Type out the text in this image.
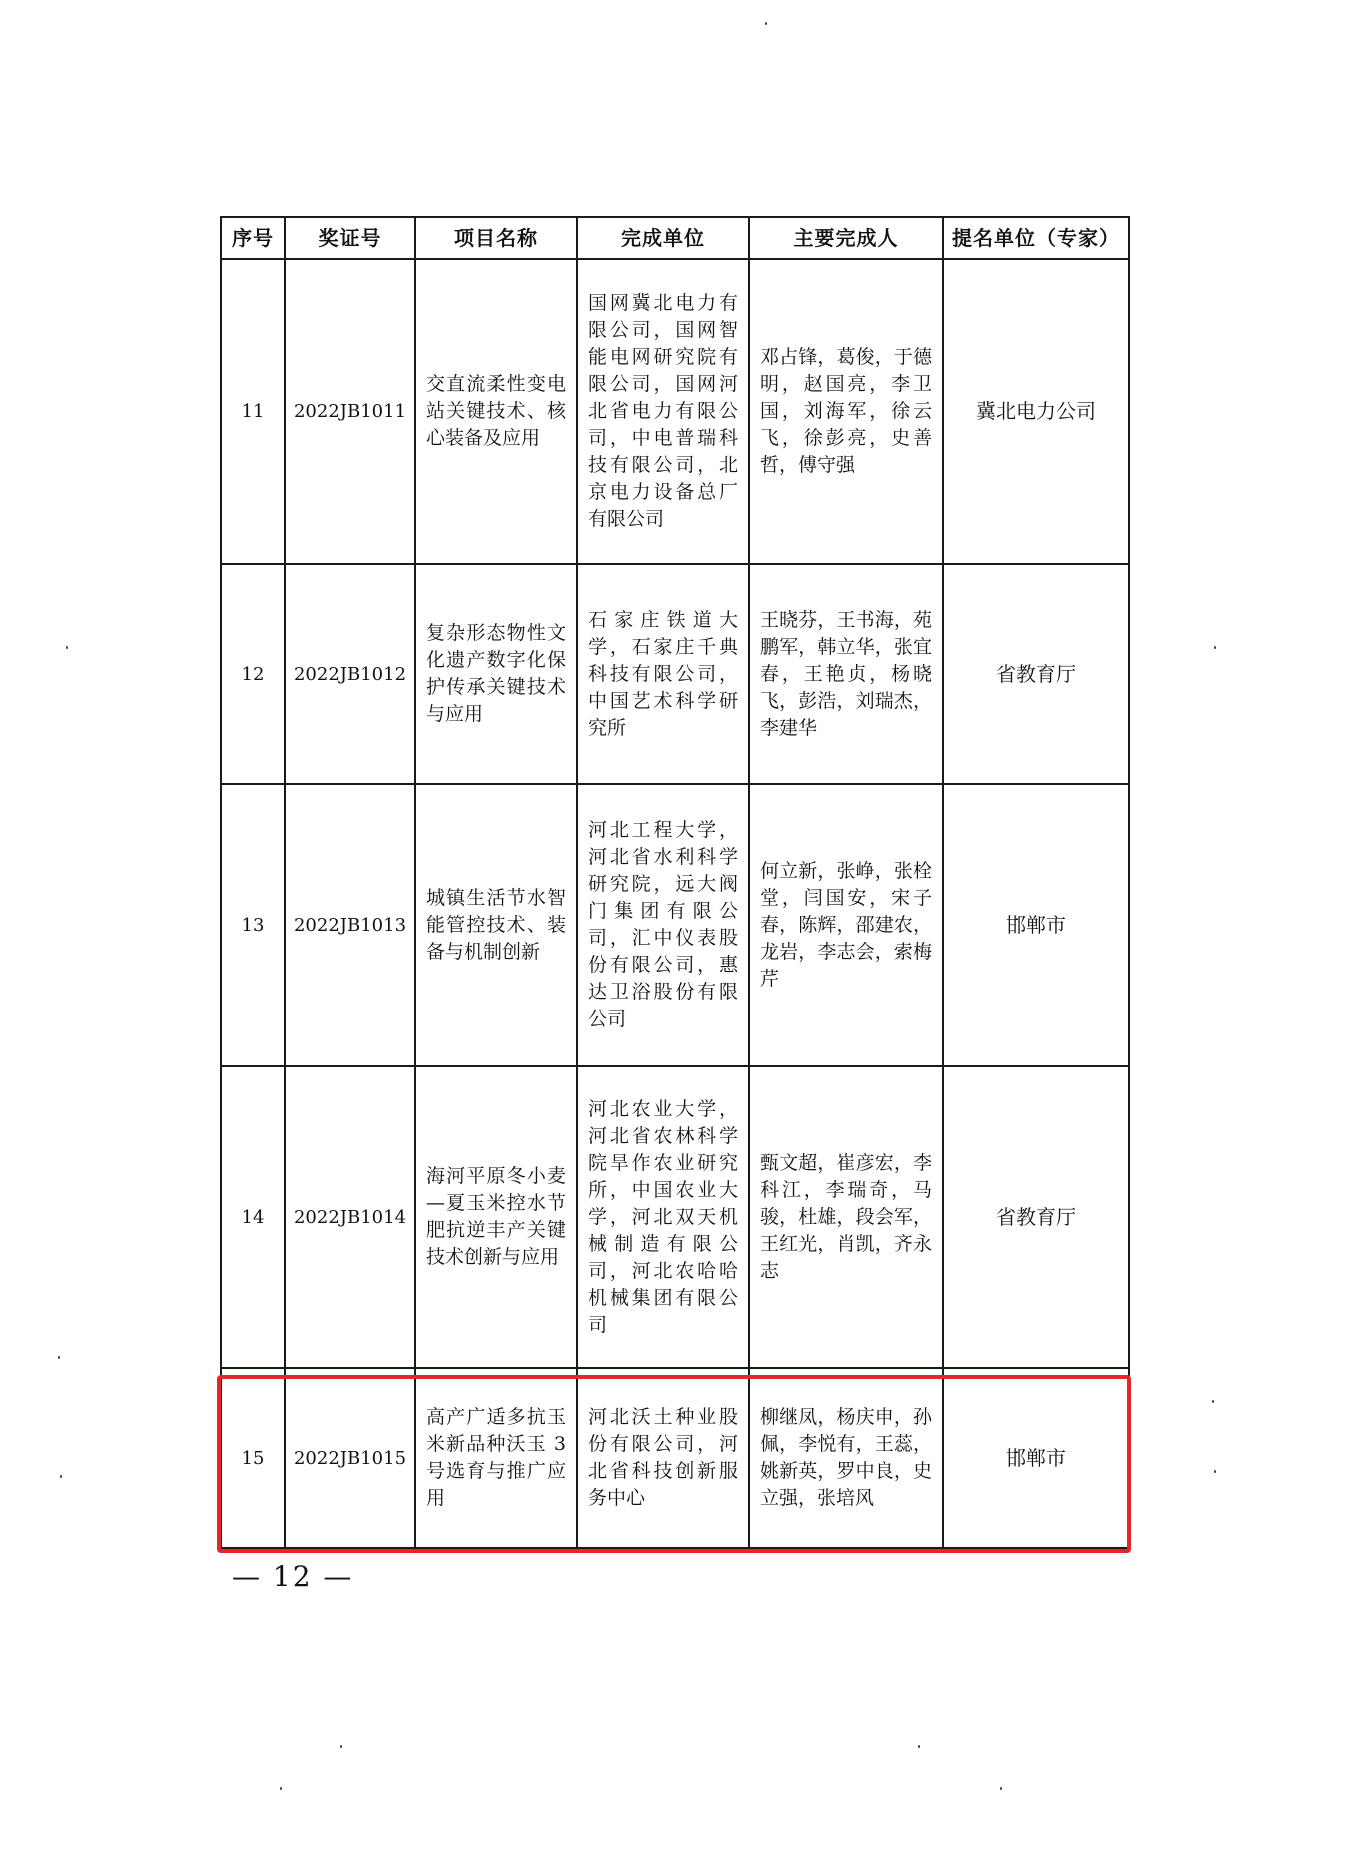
序号	奖证号	项目名称	完成单位	主要完成人	提名单位（专家）
11	2022JB1011	交直流柔性变电站关键技术、核心装备及应用	国网冀北电力有限公司，国网智能电网研究院有限公司，国网河北省电力有限公司，中电普瑞科技有限公司，北京电力设备总厂有限公司	邓占锋，葛俊，于德明，赵国亮，李卫国，刘海军，徐云飞，徐彭亮，史善哲，傅守强	冀北电力公司
12	2022JB1012	复杂形态物性文化遗产数字化保护传承关键技术与应用	石家庄铁道大学，石家庄千典科技有限公司，中国艺术科学研究所	王晓芬，王书海，苑鹏军，韩立华，张宜春，王艳贞，杨晓飞，彭浩，刘瑞杰，李建华	省教育厅
13	2022JB1013	城镇生活节水智能管控技术、装备与机制创新	河北工程大学，河北省水利科学研究院，远大阀门集团有限公司，汇中仪表股份有限公司，惠达卫浴股份有限公司	何立新，张峥，张栓堂，闫国安，宋子春，陈辉，邵建农，龙岩，李志会，索梅芹	邯郸市
14	2022JB1014	海河平原冬小麦—夏玉米控水节肥抗逆丰产关键技术创新与应用	河北农业大学，河北省农林科学院旱作农业研究所，中国农业大学，河北双天机械制造有限公司，河北农哈哈机械集团有限公司	甄文超，崔彦宏，李科江，李瑞奇，马骏，杜雄，段会军，王红光，肖凯，齐永志	省教育厅
15	2022JB1015	高产广适多抗玉米新品种沃玉 3 号选育与推广应用	河北沃土种业股份有限公司，河北省科技创新服务中心	柳继凤，杨庆申，孙佩，李悦有，王蕊，姚新英，罗中良，史立强，张培风	邯郸市
— 12 —
